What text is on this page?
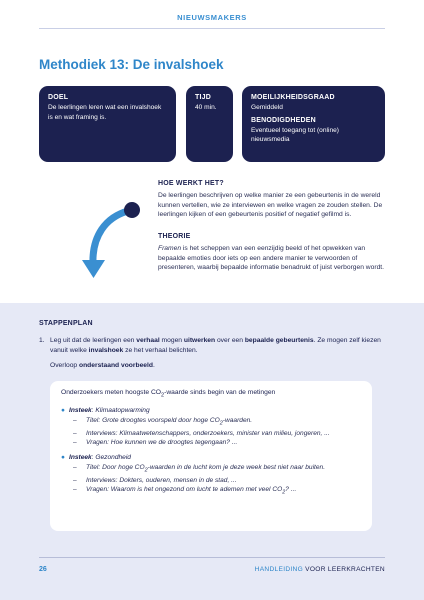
NIEUWSMAKERS
Methodiek 13: De invalshoek
DOEL

De leerlingen leren wat een invalshoek is en wat framing is.

TIJD

40 min.

MOEILIJKHEIDSGRAAD

Gemiddeld

BENODIGDHEDEN

Eventueel toegang tot (online) nieuwsmedia

HOE WERKT HET?

De leerlingen beschrijven op welke manier ze een gebeurtenis in de wereld kunnen vertellen, wie ze interviewen en welke vragen ze zouden stellen. De leerlingen kijken of een gebeurtenis positief of negatief gefilmd is.

THEORIE

Framen is het scheppen van een eenzijdig beeld of het opwekken van bepaalde emoties door iets op een andere manier te verwoorden of presenteren, waarbij bepaalde informatie benadrukt of juist verborgen wordt.

STAPPENPLAN
1. Leg uit dat de leerlingen een verhaal mogen uitwerken over een bepaalde gebeurtenis. Ze mogen zelf kiezen vanuit welke invalshoek ze het verhaal belichten.
Overloop onderstaand voorbeeld.
Onderzoekers meten hoogste $CO_2$-waarde sinds begin van de metingen
● Insteek: Klimaatopwarming
– Titel: Grote droogtes voorspeld door hoge $CO_2$-waarden.
– Interviews: Klimaatwetenschappers, onderzoekers, minister van milieu, jongeren, ...
– Vragen: Hoe kunnen we de droogtes tegengaan? ...
● Insteek: Gezondheid
– Titel: Door hoge $CO_2$-waarden in de lucht kom je deze week best niet naar buiten.
– Interviews: Dokters, ouderen, mensen in de stad, ...
– Vragen: Waarom is het ongezond om lucht te ademen met veel $CO_2$? ...
26	HANDLEIDING VOOR LEERKRACHTEN
